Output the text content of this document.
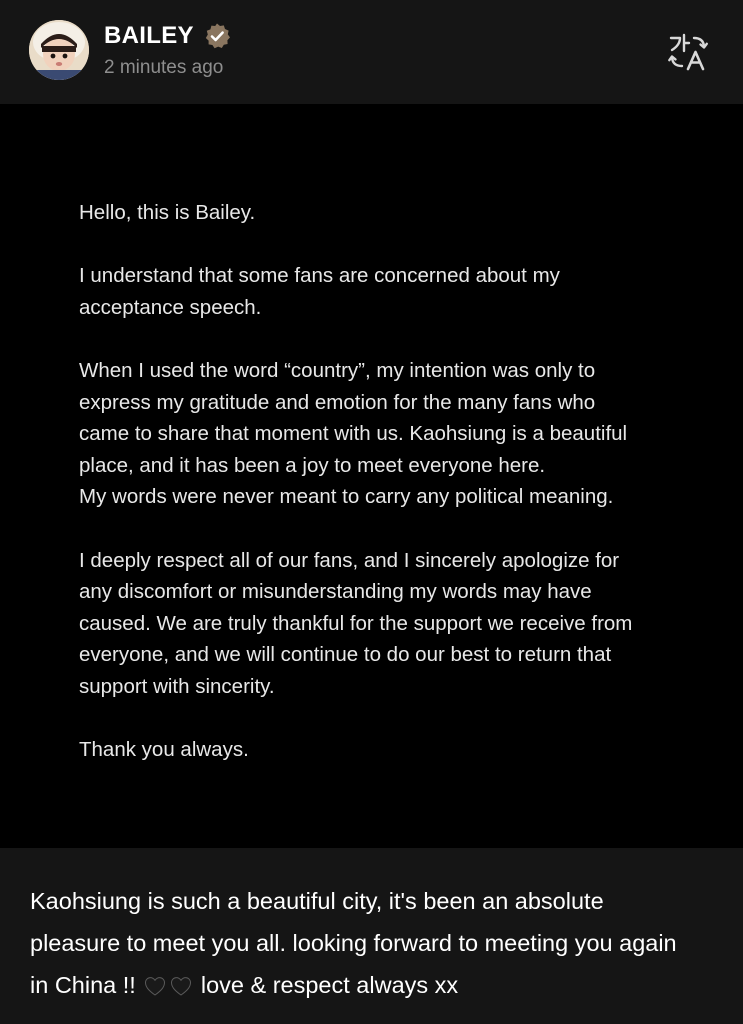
BAILEY
2 minutes ago

Hello, this is Bailey.

I understand that some fans are concerned about my
acceptance speech.

When I used the word “country”, my intention was only to
express my gratitude and emotion for the many fans who
came to share that moment with us. Kaohsiung is a beautiful
place, and it has been a joy to meet everyone here.
My words were never meant to carry any political meaning.

I deeply respect all of our fans, and I sincerely apologize for
any discomfort or misunderstanding my words may have
caused. We are truly thankful for the support we receive from
everyone, and we will continue to do our best to return that
support with sincerity.

Thank you always.

Kaohsiung is such a beautiful city, it's been an absolute
pleasure to meet you all. looking forward to meeting you again
in China !!	love & respect always xx
